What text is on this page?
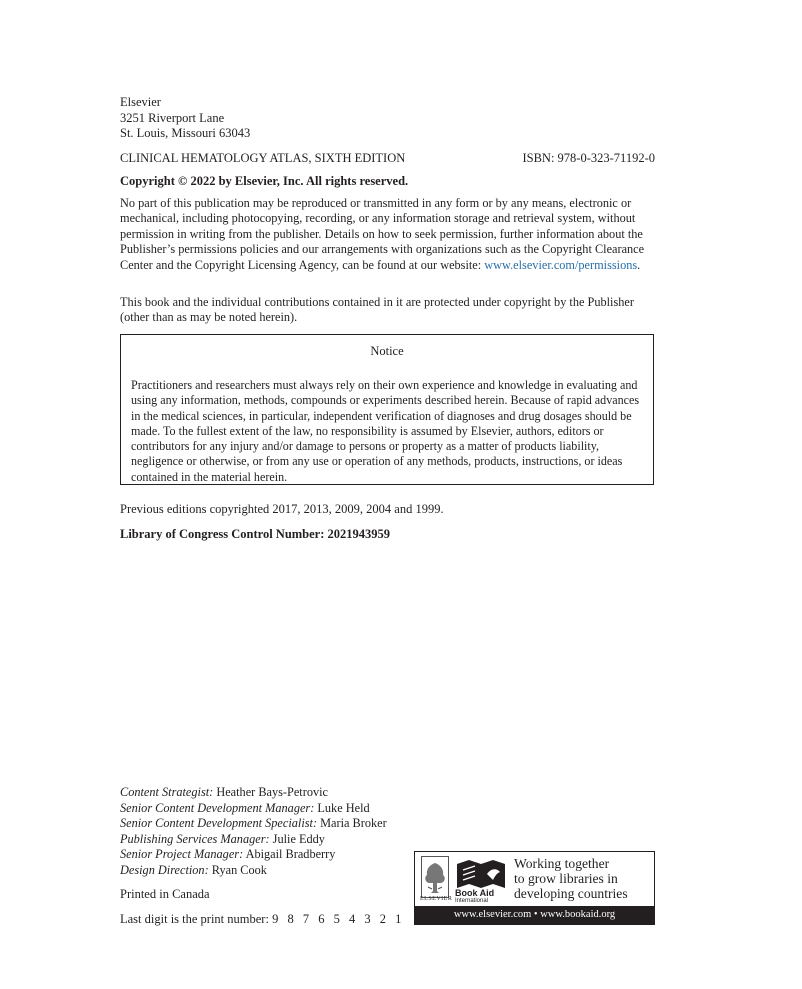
Elsevier
3251 Riverport Lane
St. Louis, Missouri 63043
CLINICAL HEMATOLOGY ATLAS, SIXTH EDITION	ISBN: 978-0-323-71192-0
Copyright © 2022 by Elsevier, Inc. All rights reserved.
No part of this publication may be reproduced or transmitted in any form or by any means, electronic or mechanical, including photocopying, recording, or any information storage and retrieval system, without permission in writing from the publisher. Details on how to seek permission, further information about the Publisher’s permissions policies and our arrangements with organizations such as the Copyright Clearance Center and the Copyright Licensing Agency, can be found at our website: www.elsevier.com/permissions.
This book and the individual contributions contained in it are protected under copyright by the Publisher (other than as may be noted herein).
Notice
Practitioners and researchers must always rely on their own experience and knowledge in evaluating and using any information, methods, compounds or experiments described herein. Because of rapid advances in the medical sciences, in particular, independent verification of diagnoses and drug dosages should be made. To the fullest extent of the law, no responsibility is assumed by Elsevier, authors, editors or contributors for any injury and/or damage to persons or property as a matter of products liability, negligence or otherwise, or from any use or operation of any methods, products, instructions, or ideas contained in the material herein.
Previous editions copyrighted 2017, 2013, 2009, 2004 and 1999.
Library of Congress Control Number: 2021943959
Content Strategist: Heather Bays-Petrovic
Senior Content Development Manager: Luke Held
Senior Content Development Specialist: Maria Broker
Publishing Services Manager: Julie Eddy
Senior Project Manager: Abigail Bradberry
Design Direction: Ryan Cook
Printed in Canada
Last digit is the print number: 9 8 7 6 5 4 3 2 1
ELSEVIER
Book Aid
International
Working together
to grow libraries in
developing countries
www.elsevier.com • www.bookaid.org
